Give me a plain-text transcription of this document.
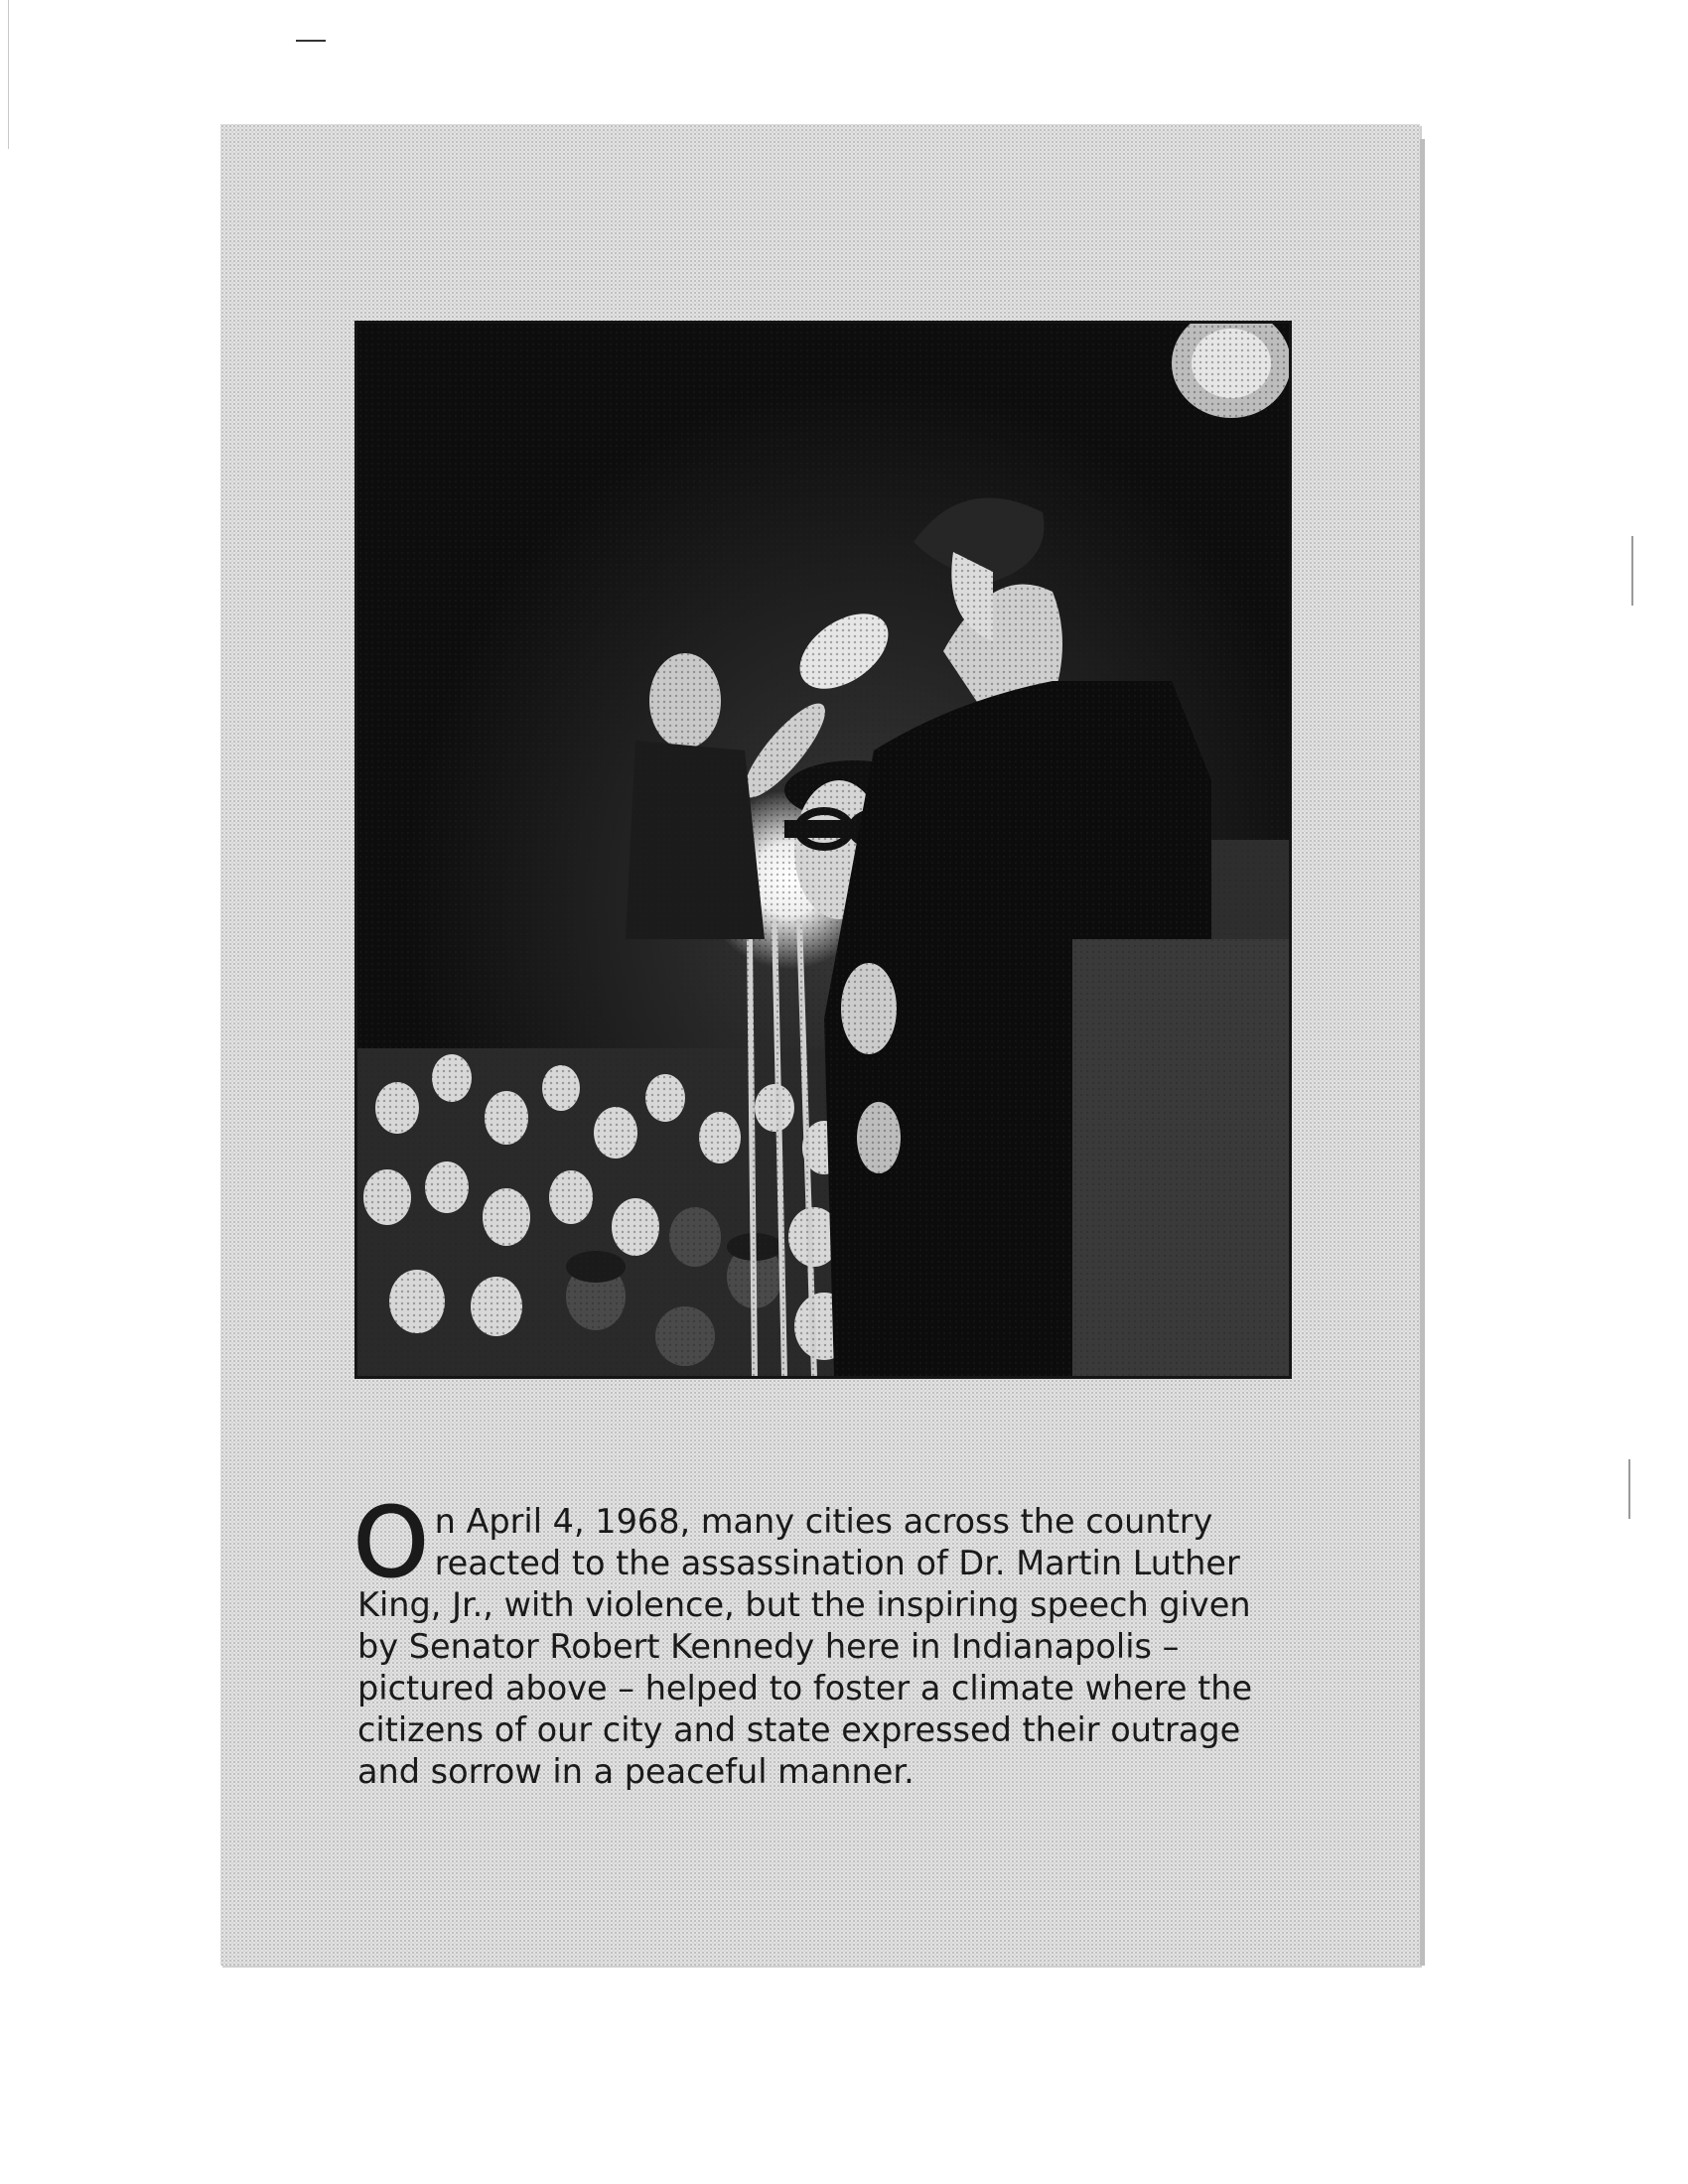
On April 4, 1968, many cities across the country reacted to the assassination of Dr. Martin Luther King, Jr., with violence, but the inspiring speech given by Senator Robert Kennedy here in Indianapolis – pictured above – helped to foster a climate where the citizens of our city and state expressed their outrage and sorrow in a peaceful manner.
